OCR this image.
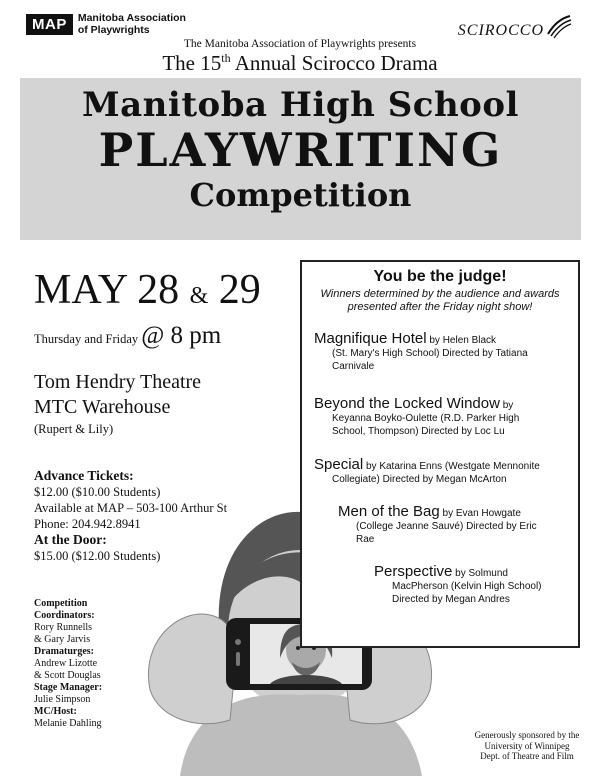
MAP	Manitoba Association
of Playwrights	SCIROCCO
The Manitoba Association of Playwrights presents
The 15th Annual Scirocco Drama
Manitoba High School
PLAYWRITING
Competition
MAY 28 & 29
Thursday and Friday @ 8 pm
Tom Hendry Theatre
MTC Warehouse
(Rupert & Lily)
Advance Tickets:
$12.00 ($10.00 Students)
Available at MAP – 503-100 Arthur St
Phone: 204.942.8941
At the Door:
$15.00 ($12.00 Students)
Competition Coordinators:
Rory Runnells
& Gary Jarvis
Dramaturges:
Andrew Lizotte
& Scott Douglas
Stage Manager:
Julie Simpson
MC/Host:
Melanie Dahling
You be the judge!
Winners determined by the audience and awards
presented after the Friday night show!
Magnifique Hotel by Helen Black
(St. Mary's High School) Directed by Tatiana
Carnivale
Beyond the Locked Window by
Keyanna Boyko-Oulette (R.D. Parker High
School, Thompson) Directed by Loc Lu
Special by Katarina Enns (Westgate Mennonite
Collegiate) Directed by Megan McArton
Men of the Bag by Evan Howgate
(College Jeanne Sauvé) Directed by Eric
Rae
Perspective by Solmund
MacPherson (Kelvin High School)
Directed by Megan Andres
Generously sponsored by the
University of Winnipeg
Dept. of Theatre and Film
